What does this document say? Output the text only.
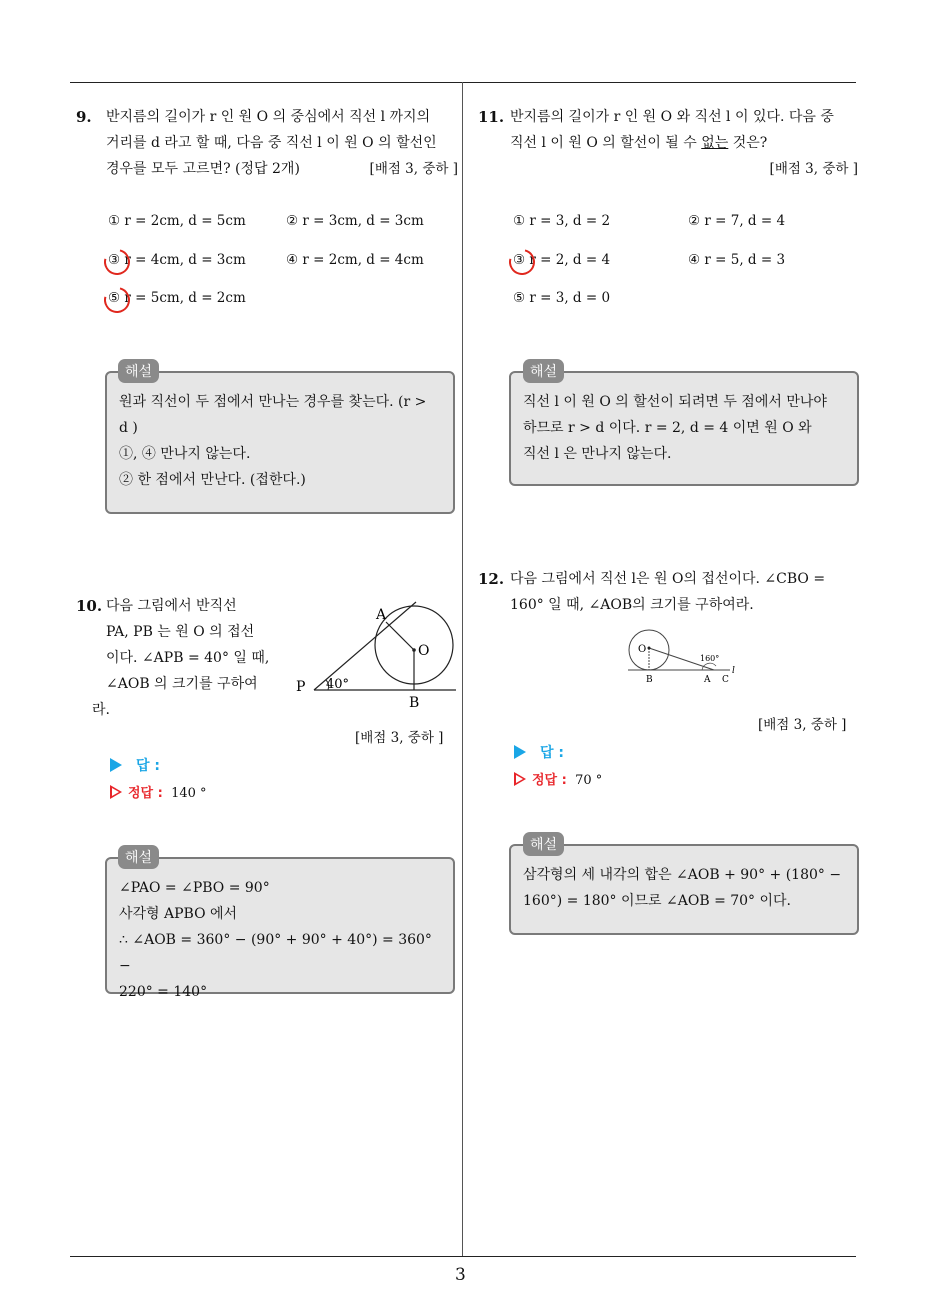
3
9. 반지름의 길이가 r 인 원 O 의 중심에서 직선 l 까지의
거리를 d 라고 할 때, 다음 중 직선 l 이 원 O 의 할선인
경우를 모두 고르면? (정답 2개)	[배점 3, 중하 ]
① r = 2cm, d = 5cm	② r = 3cm, d = 3cm
③ r = 4cm, d = 3cm	④ r = 2cm, d = 4cm
⑤ r = 5cm, d = 2cm
원과 직선이 두 점에서 만나는 경우를 찾는다. (r >
d )
①, ④ 만나지 않는다.
② 한 점에서 만난다. (접한다.)
해설
10. 다음 그림에서 반직선
PA, PB 는 원 O 의 접선
이다. ∠APB = 40° 일 때,
∠AOB 의 크기를 구하여
라.
A
O
P
B
40°
[배점 3, 중하 ]
답 :
정답 : 140 °
∠PAO = ∠PBO = 90°
사각형 APBO 에서
∴ ∠AOB = 360° − (90° + 90° + 40°) = 360° −
220° = 140°
해설
11. 반지름의 길이가 r 인 원 O 와 직선 l 이 있다. 다음 중
직선 l 이 원 O 의 할선이 될 수 없는 것은?
[배점 3, 중하 ]
① r = 3, d = 2	② r = 7, d = 4
③ r = 2, d = 4	④ r = 5, d = 3
⑤ r = 3, d = 0
직선 l 이 원 O 의 할선이 되려면 두 점에서 만나야
하므로 r > d 이다. r = 2, d = 4 이면 원 O 와
직선 l 은 만나지 않는다.
해설
12. 다음 그림에서 직선 l은 원 O의 접선이다. ∠CBO =
160° 일 때, ∠AOB의 크기를 구하여라.
O
160°
l
B	A C
[배점 3, 중하 ]
답 :
정답 : 70 °
삼각형의 세 내각의 합은 ∠AOB + 90° + (180° −
160°) = 180° 이므로 ∠AOB = 70° 이다.
해설
